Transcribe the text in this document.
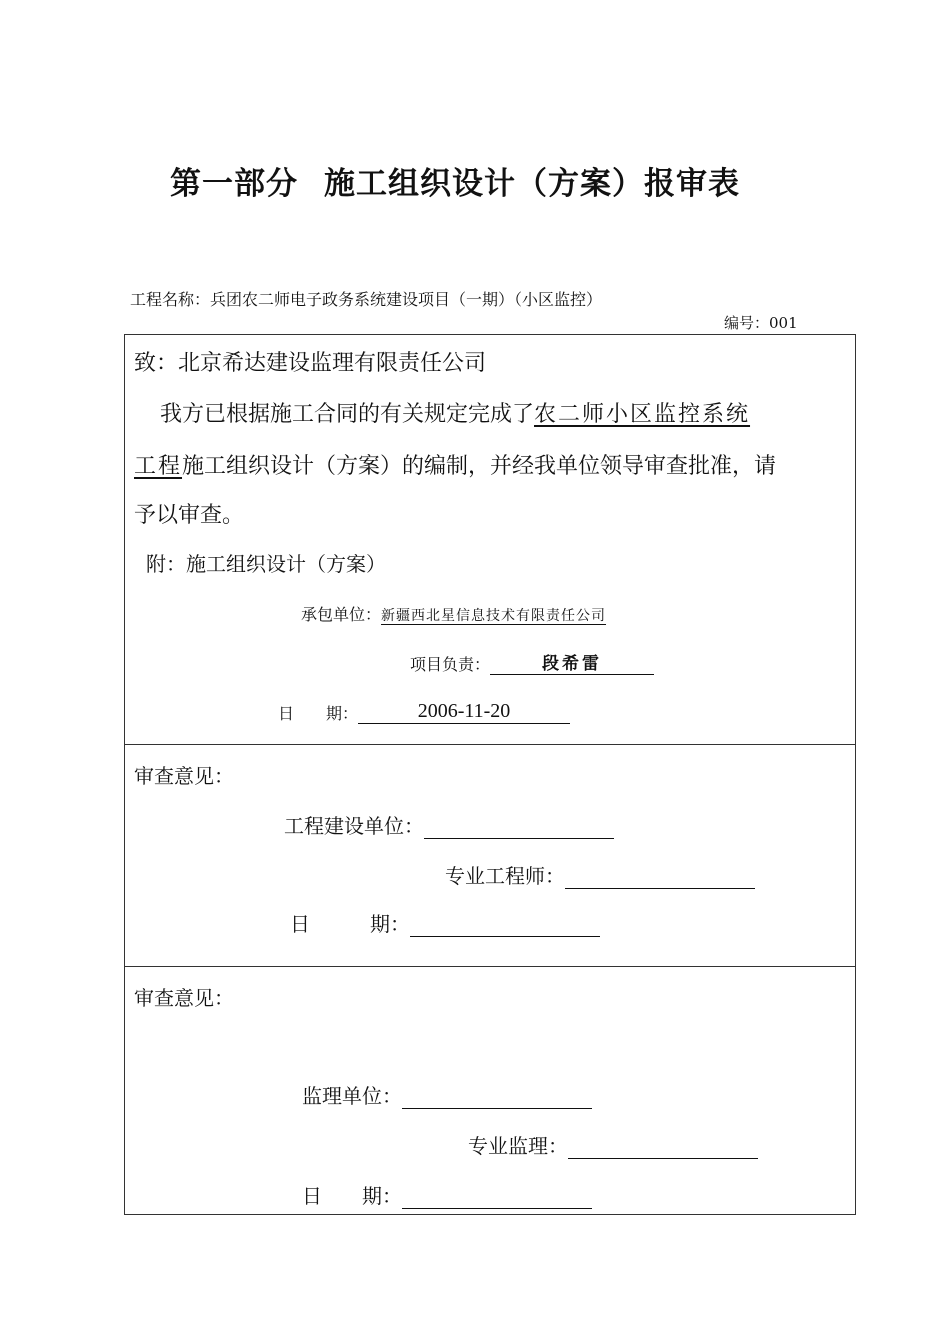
第一部分 施工组织设计（方案）报审表
工程名称：兵团农二师电子政务系统建设项目（一期）（小区监控）
编号：001
致：北京希达建设监理有限责任公司
我方已根据施工合同的有关规定完成了农二师小区监控系统
工程施工组织设计（方案）的编制，并经我单位领导审查批准，请
予以审查。
附：施工组织设计（方案）
承包单位：新疆西北星信息技术有限责任公司
项目负责：	段希雷
日　　期：	2006-11-20
审查意见：
工程建设单位：
专业工程师：
日　　　期：
审查意见：
监理单位：
专业监理：
日　　期：
